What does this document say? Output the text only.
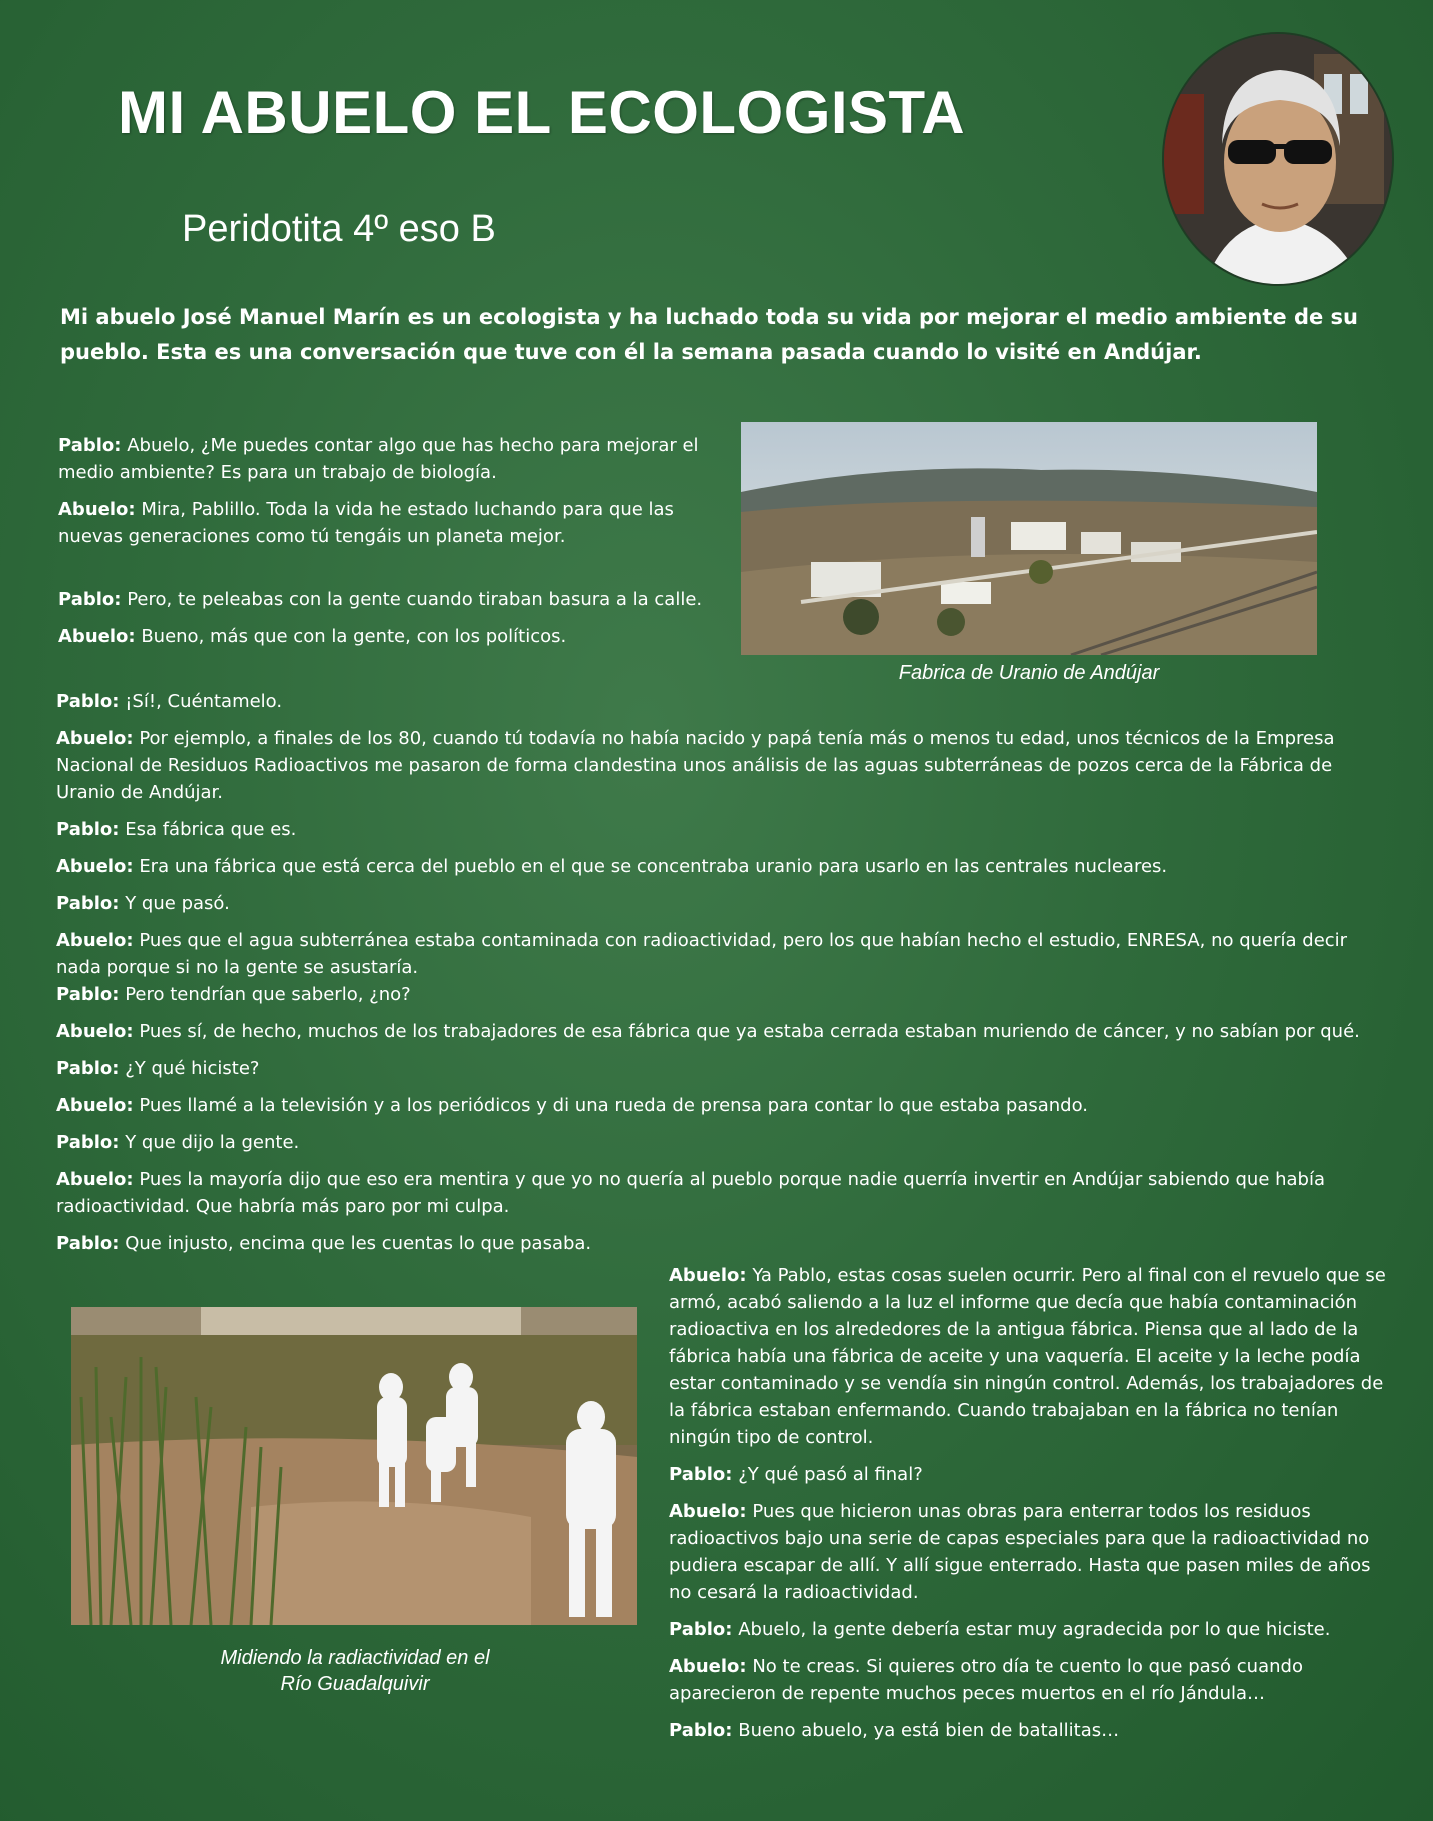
MI ABUELO EL ECOLOGISTA
Peridotita 4º eso B
Mi abuelo José Manuel Marín es un ecologista y ha luchado toda su vida por mejorar el medio ambiente de su pueblo. Esta es una conversación que tuve con él la semana pasada cuando lo visité en Andújar.

Pablo: Abuelo, ¿Me puedes contar algo que has hecho para mejorar el medio ambiente? Es para un trabajo de biología.

Abuelo: Mira, Pablillo. Toda la vida he estado luchando para que las nuevas generaciones como tú tengáis un planeta mejor.

Pablo: Pero, te peleabas con la gente cuando tiraban basura a la calle.

Abuelo: Bueno, más que con la gente, con los políticos.

Fabrica de Uranio de Andújar

Pablo: ¡Sí!, Cuéntamelo.

Abuelo: Por ejemplo, a finales de los 80, cuando tú todavía no había nacido y papá tenía más o menos tu edad, unos técnicos de la Empresa Nacional de Residuos Radioactivos me pasaron de forma clandestina unos análisis de las aguas subterráneas de pozos cerca de la Fábrica de Uranio de Andújar.

Pablo: Esa fábrica que es.

Abuelo: Era una fábrica que está cerca del pueblo en el que se concentraba uranio para usarlo en las centrales nucleares.

Pablo: Y que pasó.

Abuelo: Pues que el agua subterránea estaba contaminada con radioactividad, pero los que habían hecho el estudio, ENRESA, no quería decir nada porque si no la gente se asustaría.

Pablo: Pero tendrían que saberlo, ¿no?

Abuelo: Pues sí, de hecho, muchos de los trabajadores de esa fábrica que ya estaba cerrada estaban muriendo de cáncer, y no sabían por qué.

Pablo: ¿Y qué hiciste?

Abuelo: Pues llamé a la televisión y a los periódicos y di una rueda de prensa para contar lo que estaba pasando.

Pablo: Y que dijo la gente.

Abuelo: Pues la mayoría dijo que eso era mentira y que yo no quería al pueblo porque nadie querría invertir en Andújar sabiendo que había radioactividad. Que habría más paro por mi culpa.

Pablo: Que injusto, encima que les cuentas lo que pasaba.

Midiendo la radiactividad en el
Río Guadalquivir

Abuelo: Ya Pablo, estas cosas suelen ocurrir. Pero al final con el revuelo que se armó, acabó saliendo a la luz el informe que decía que había contaminación radioactiva en los alrededores de la antigua fábrica. Piensa que al lado de la fábrica había una fábrica de aceite y una vaquería. El aceite y la leche podía estar contaminado y se vendía sin ningún control. Además, los trabajadores de la fábrica estaban enfermando. Cuando trabajaban en la fábrica no tenían ningún tipo de control.

Pablo: ¿Y qué pasó al final?

Abuelo: Pues que hicieron unas obras para enterrar todos los residuos radioactivos bajo una serie de capas especiales para que la radioactividad no pudiera escapar de allí. Y allí sigue enterrado. Hasta que pasen miles de años no cesará la radioactividad.

Pablo: Abuelo, la gente debería estar muy agradecida por lo que hiciste.

Abuelo: No te creas. Si quieres otro día te cuento lo que pasó cuando aparecieron de repente muchos peces muertos en el río Jándula…

Pablo: Bueno abuelo, ya está bien de batallitas…
